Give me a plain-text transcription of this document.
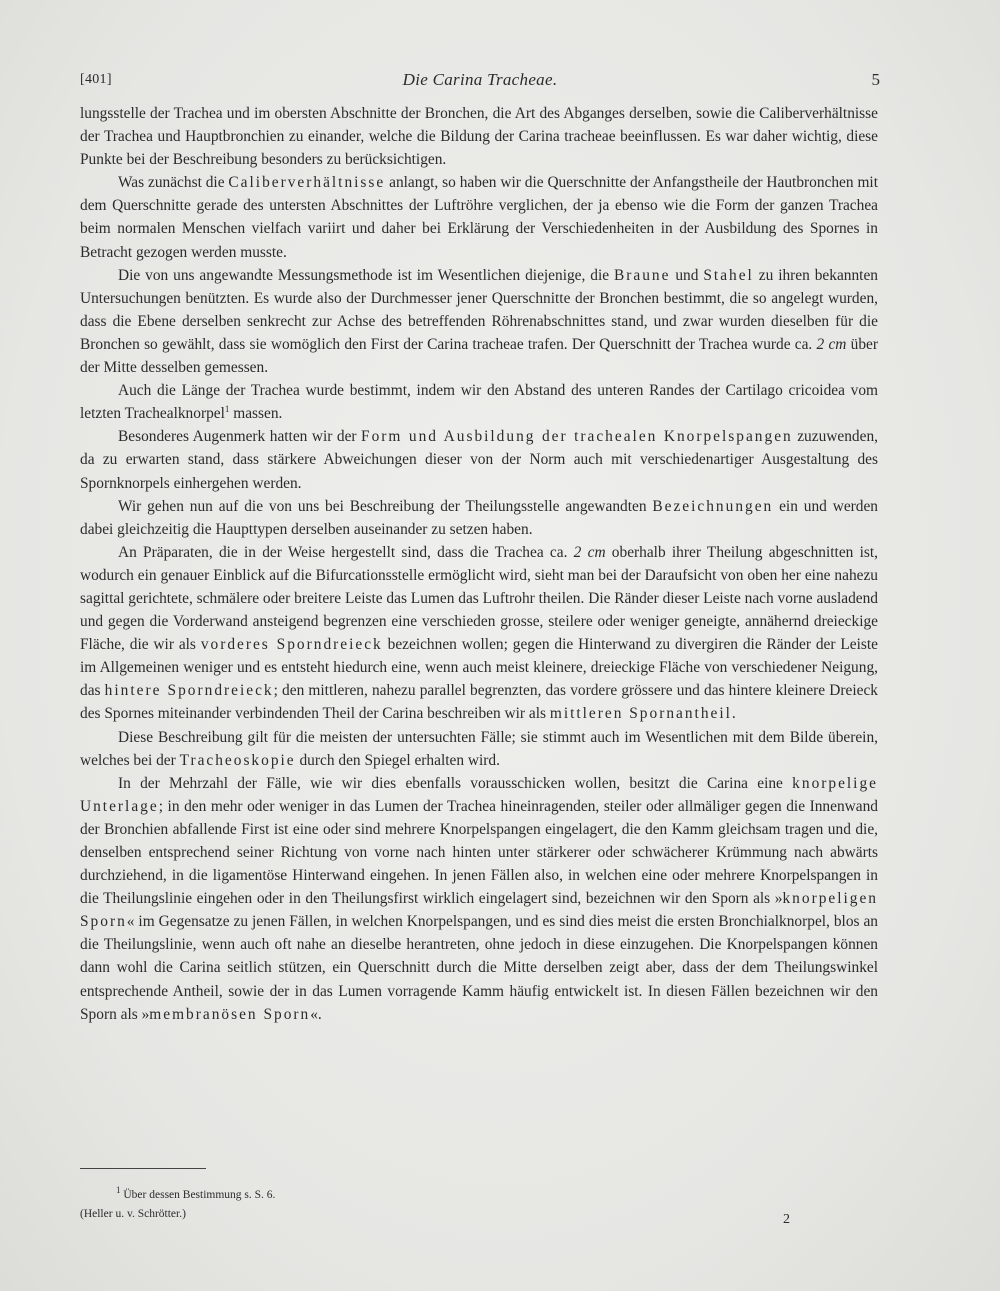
[401]	Die Carina Tracheae.	5

lungsstelle der Trachea und im obersten Abschnitte der Bronchen, die Art des Abganges derselben, sowie die Caliberverhältnisse der Trachea und Hauptbronchien zu einander, welche die Bildung der Carina tracheae beeinflussen. Es war daher wichtig, diese Punkte bei der Beschreibung besonders zu berücksichtigen.

Was zunächst die Caliberverhältnisse anlangt, so haben wir die Querschnitte der Anfangstheile der Hautbronchen mit dem Querschnitte gerade des untersten Abschnittes der Luftröhre verglichen, der ja ebenso wie die Form der ganzen Trachea beim normalen Menschen vielfach variirt und daher bei Erklärung der Verschiedenheiten in der Ausbildung des Spornes in Betracht gezogen werden musste.

Die von uns angewandte Messungsmethode ist im Wesentlichen diejenige, die Braune und Stahel zu ihren bekannten Untersuchungen benützten. Es wurde also der Durchmesser jener Querschnitte der Bronchen bestimmt, die so angelegt wurden, dass die Ebene derselben senkrecht zur Achse des betreffenden Röhrenabschnittes stand, und zwar wurden dieselben für die Bronchen so gewählt, dass sie womöglich den First der Carina tracheae trafen. Der Querschnitt der Trachea wurde ca. 2 cm über der Mitte desselben gemessen.

Auch die Länge der Trachea wurde bestimmt, indem wir den Abstand des unteren Randes der Cartilago cricoidea vom letzten Trachealknorpel$^1$ massen.

Besonderes Augenmerk hatten wir der Form und Ausbildung der trachealen Knorpelspangen zuzuwenden, da zu erwarten stand, dass stärkere Abweichungen dieser von der Norm auch mit verschiedenartiger Ausgestaltung des Spornknorpels einhergehen werden.

Wir gehen nun auf die von uns bei Beschreibung der Theilungsstelle angewandten Bezeichnungen ein und werden dabei gleichzeitig die Haupttypen derselben auseinander zu setzen haben.

An Präparaten, die in der Weise hergestellt sind, dass die Trachea ca. 2 cm oberhalb ihrer Theilung abgeschnitten ist, wodurch ein genauer Einblick auf die Bifurcationsstelle ermöglicht wird, sieht man bei der Daraufsicht von oben her eine nahezu sagittal gerichtete, schmälere oder breitere Leiste das Lumen das Luftrohr theilen. Die Ränder dieser Leiste nach vorne ausladend und gegen die Vorderwand ansteigend begrenzen eine verschieden grosse, steilere oder weniger geneigte, annähernd dreieckige Fläche, die wir als vorderes Sporndreieck bezeichnen wollen; gegen die Hinterwand zu divergiren die Ränder der Leiste im Allgemeinen weniger und es entsteht hiedurch eine, wenn auch meist kleinere, dreieckige Fläche von verschiedener Neigung, das hintere Sporndreieck; den mittleren, nahezu parallel begrenzten, das vordere grössere und das hintere kleinere Dreieck des Spornes miteinander verbindenden Theil der Carina beschreiben wir als mittleren Spornantheil.

Diese Beschreibung gilt für die meisten der untersuchten Fälle; sie stimmt auch im Wesentlichen mit dem Bilde überein, welches bei der Tracheoskopie durch den Spiegel erhalten wird.

In der Mehrzahl der Fälle, wie wir dies ebenfalls vorausschicken wollen, besitzt die Carina eine knorpelige Unterlage; in den mehr oder weniger in das Lumen der Trachea hineinragenden, steiler oder allmäliger gegen die Innenwand der Bronchien abfallende First ist eine oder sind mehrere Knorpelspangen eingelagert, die den Kamm gleichsam tragen und die, denselben entsprechend seiner Richtung von vorne nach hinten unter stärkerer oder schwächerer Krümmung nach abwärts durchziehend, in die ligamentöse Hinterwand eingehen. In jenen Fällen also, in welchen eine oder mehrere Knorpelspangen in die Theilungslinie eingehen oder in den Theilungsfirst wirklich eingelagert sind, bezeichnen wir den Sporn als »knorpeligen Sporn« im Gegensatze zu jenen Fällen, in welchen Knorpelspangen, und es sind dies meist die ersten Bronchialknorpel, blos an die Theilungslinie, wenn auch oft nahe an dieselbe herantreten, ohne jedoch in diese einzugehen. Die Knorpelspangen können dann wohl die Carina seitlich stützen, ein Querschnitt durch die Mitte derselben zeigt aber, dass der dem Theilungswinkel entsprechende Antheil, sowie der in das Lumen vorragende Kamm häufig entwickelt ist. In diesen Fällen bezeichnen wir den Sporn als »membranösen Sporn«.

$^1$ Über dessen Bestimmung s. S. 6.
(Heller u. v. Schrötter.)	2
